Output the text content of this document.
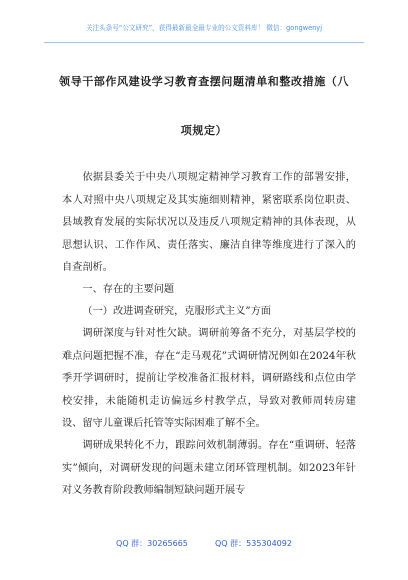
关注头条号“公文研究”，获得最新最全最专业的公文资料库！ 微信：gongwenyj
领导干部作风建设学习教育查摆问题清单和整改措施（八
项规定）

依据县委关于中央八项规定精神学习教育工作的部署安排，本人对照中央八项规定及其实施细则精神，紧密联系岗位职责、县域教育发展的实际状况以及违反八项规定精神的具体表现，从思想认识、工作作风、责任落实、廉洁自律等维度进行了深入的自查剖析。

一、存在的主要问题

（一）改进调查研究，克服形式主义”方面

调研深度与针对性欠缺。调研前筹备不充分，对基层学校的难点问题把握不准，存在“走马观花”式调研情况例如在2024年秋季开学调研时，提前让学校准备汇报材料，调研路线和点位由学校安排，未能随机走访偏远乡村教学点，导致对教师周转房建设、留守儿童课后托管等实际困难了解不全。

调研成果转化不力，跟踪问效机制薄弱。存在“重调研、轻落实”倾向，对调研发现的问题未建立闭环管理机制。如2023年针对义务教育阶段教师编制短缺问题开展专

QQ 群：30265665	QQ 群：535304092
